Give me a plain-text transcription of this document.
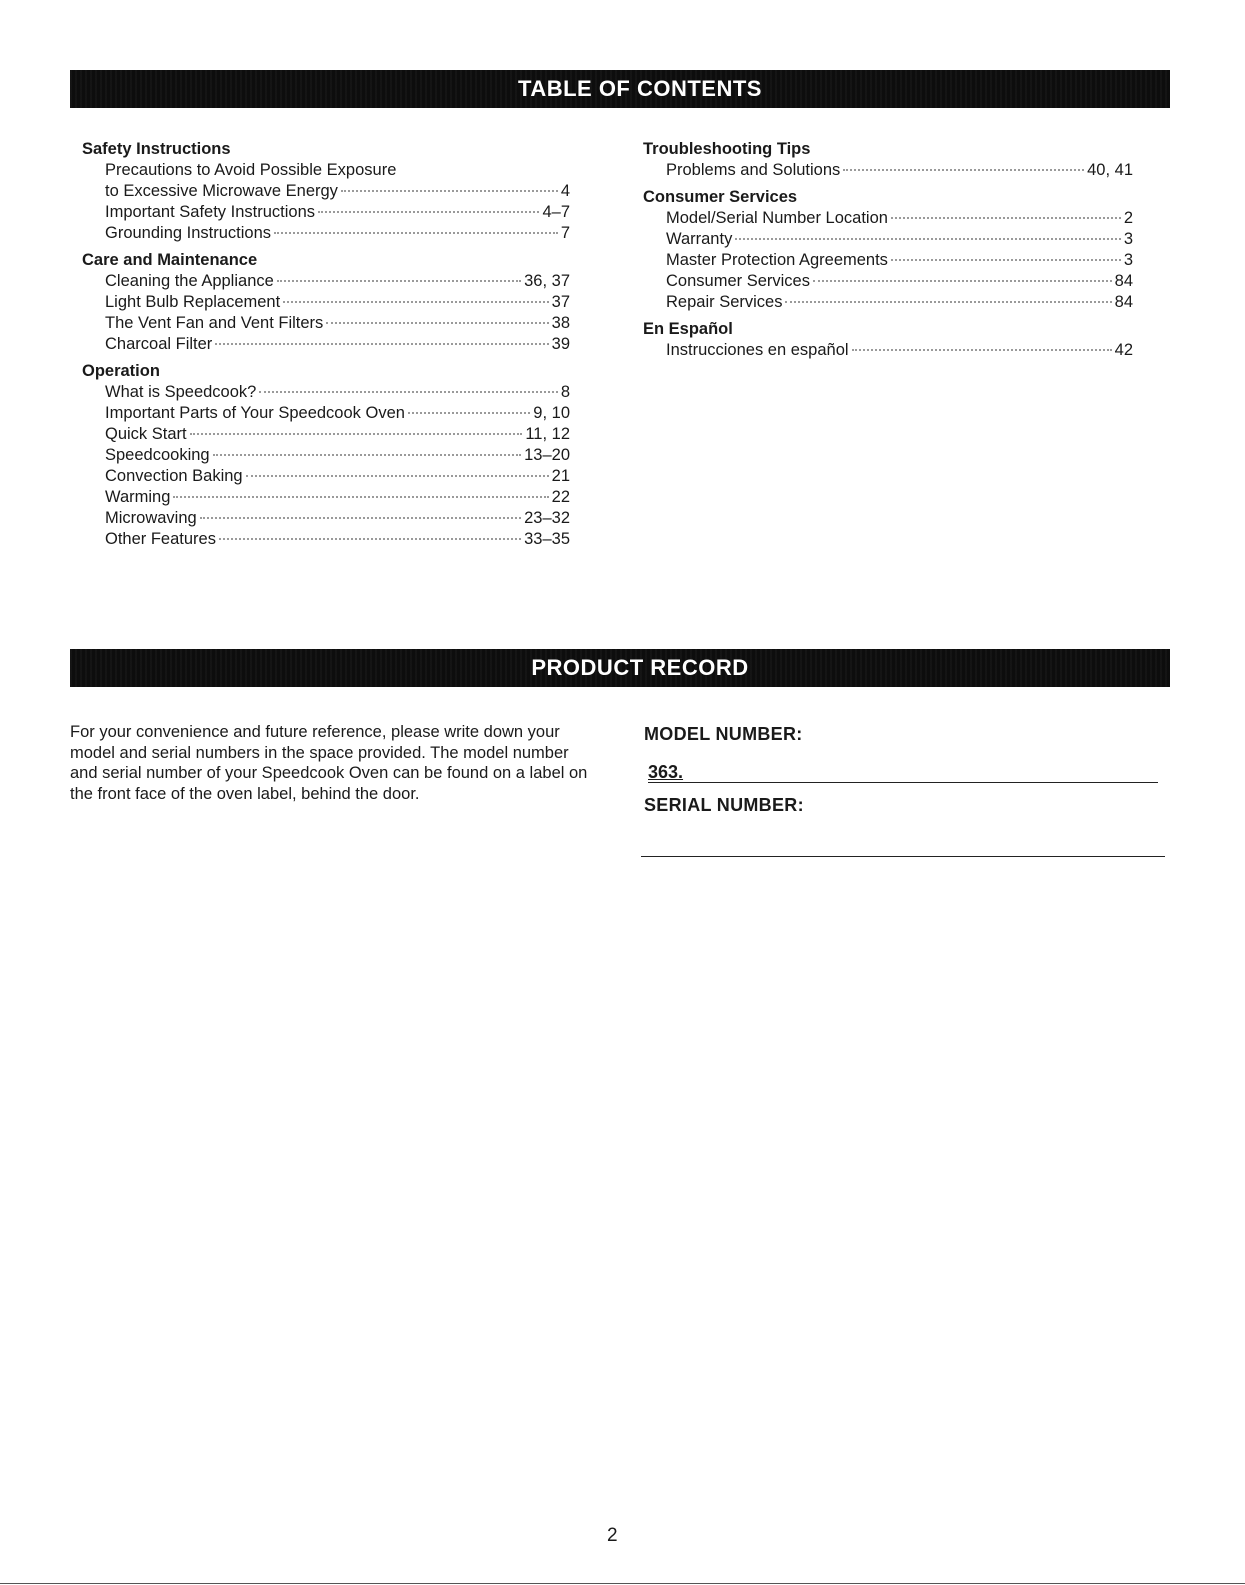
TABLE OF CONTENTS
Safety Instructions
Precautions to Avoid Possible Exposure
to Excessive Microwave Energy	4
Important Safety Instructions	4–7
Grounding Instructions	7
Care and Maintenance
Cleaning the Appliance	36, 37
Light Bulb Replacement	37
The Vent Fan and Vent Filters	38
Charcoal Filter	39
Operation
What is Speedcook?	8
Important Parts of Your Speedcook Oven	9, 10
Quick Start	11, 12
Speedcooking	13–20
Convection Baking	21
Warming	22
Microwaving	23–32
Other Features	33–35
Troubleshooting Tips
Problems and Solutions	40, 41
Consumer Services
Model/Serial Number Location	2
Warranty	3
Master Protection Agreements	3
Consumer Services	84
Repair Services	84
En Español
Instrucciones en español	42
PRODUCT RECORD
For your convenience and future reference, please write down your model and serial numbers in the space provided. The model number and serial number of your Speedcook Oven can be found on a label on the front face of the oven label, behind the door.
MODEL NUMBER:
363.
SERIAL NUMBER:
2
